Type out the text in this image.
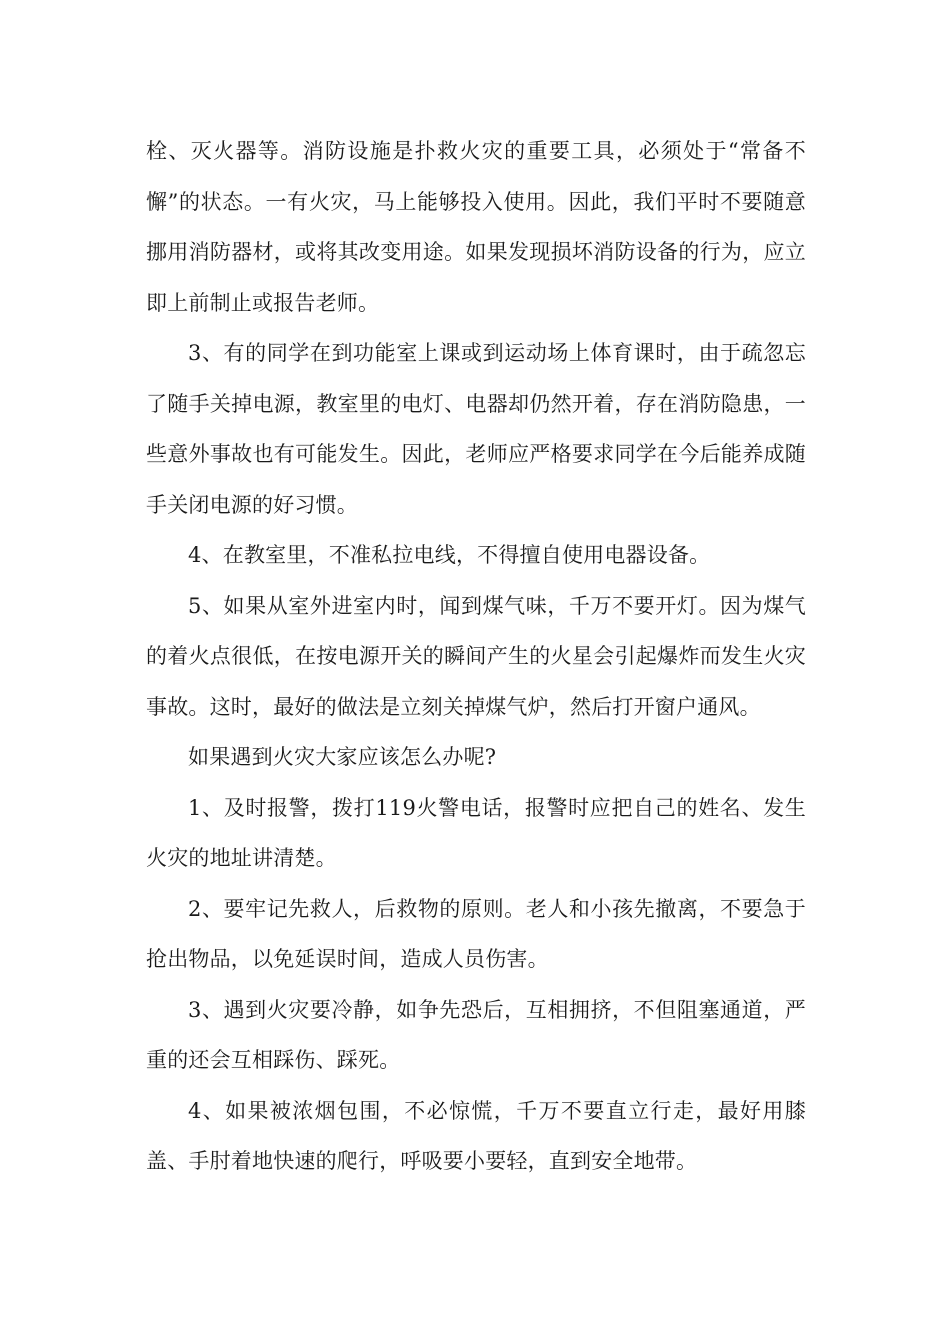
栓、灭火器等。消防设施是扑救火灾的重要工具，必须处于“常备不懈”的状态。一有火灾，马上能够投入使用。因此，我们平时不要随意挪用消防器材，或将其改变用途。如果发现损坏消防设备的行为，应立即上前制止或报告老师。

3、有的同学在到功能室上课或到运动场上体育课时，由于疏忽忘了随手关掉电源，教室里的电灯、电器却仍然开着，存在消防隐患，一些意外事故也有可能发生。因此，老师应严格要求同学在今后能养成随手关闭电源的好习惯。

4、在教室里，不准私拉电线，不得擅自使用电器设备。

5、如果从室外进室内时，闻到煤气味，千万不要开灯。因为煤气的着火点很低，在按电源开关的瞬间产生的火星会引起爆炸而发生火灾事故。这时，最好的做法是立刻关掉煤气炉，然后打开窗户通风。

如果遇到火灾大家应该怎么办呢?

1、及时报警，拨打119火警电话，报警时应把自己的姓名、发生火灾的地址讲清楚。

2、要牢记先救人，后救物的原则。老人和小孩先撤离，不要急于抢出物品，以免延误时间，造成人员伤害。

3、遇到火灾要冷静，如争先恐后，互相拥挤，不但阻塞通道，严重的还会互相踩伤、踩死。

4、如果被浓烟包围，不必惊慌，千万不要直立行走，最好用膝盖、手肘着地快速的爬行，呼吸要小要轻，直到安全地带。
